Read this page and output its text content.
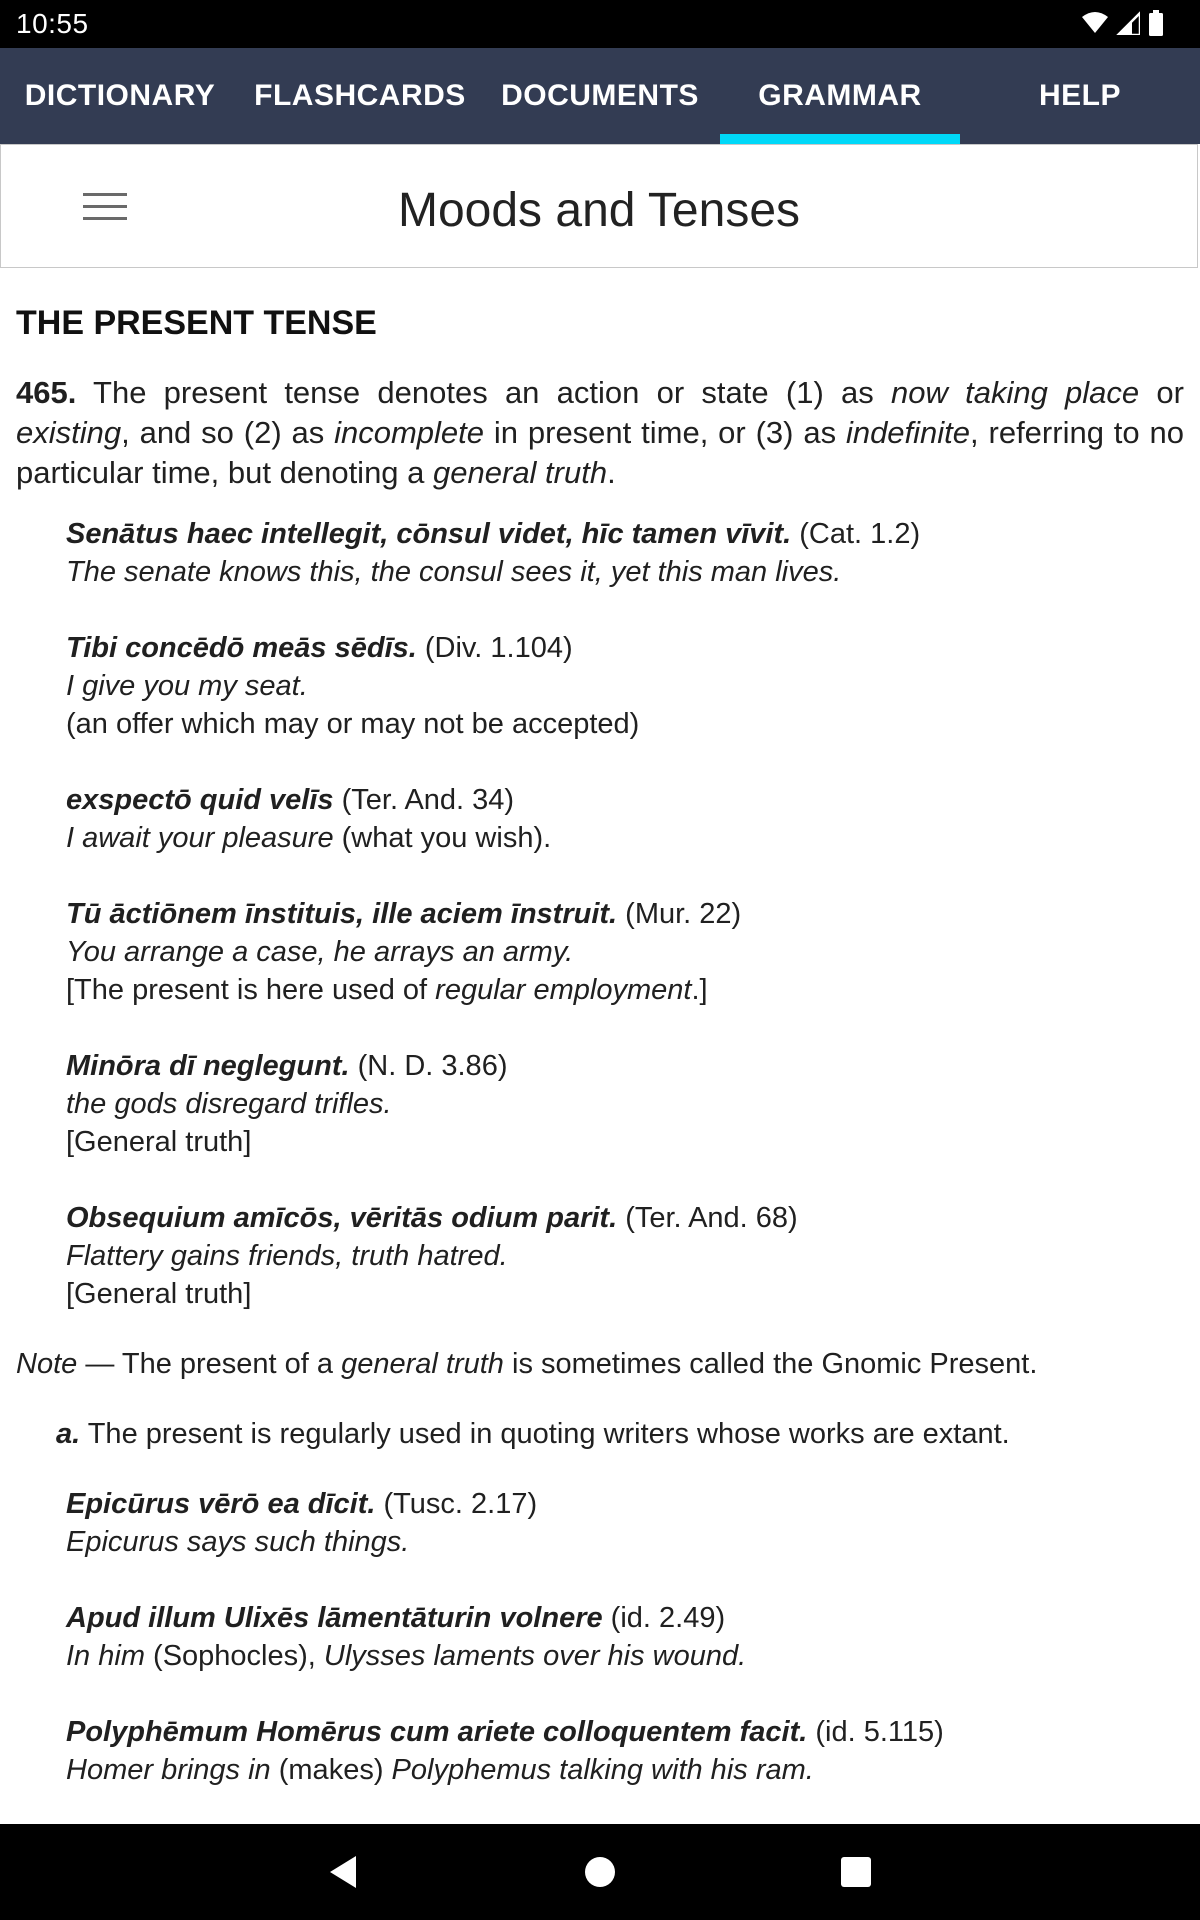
10:55
DICTIONARY	FLASHCARDS	DOCUMENTS	GRAMMAR	HELP
Moods and Tenses
THE PRESENT TENSE

465. The present tense denotes an action or state (1) as now taking place or existing, and so (2) as incomplete in present time, or (3) as indefinite, referring to no particular time, but denoting a general truth.

Senātus haec intellegit, cōnsul videt, hīc tamen vīvit. (Cat. 1.2)
The senate knows this, the consul sees it, yet this man lives.
Tibi concēdō meās sēdīs. (Div. 1.104)
I give you my seat.
(an offer which may or may not be accepted)
exspectō quid velīs (Ter. And. 34)
I await your pleasure (what you wish).
Tū āctiōnem īnstituis, ille aciem īnstruit. (Mur. 22)
You arrange a case, he arrays an army.
[The present is here used of regular employment.]
Minōra dī neglegunt. (N. D. 3.86)
the gods disregard trifles.
[General truth]
Obsequium amīcōs, vēritās odium parit. (Ter. And. 68)
Flattery gains friends, truth hatred.
[General truth]
Note — The present of a general truth is sometimes called the Gnomic Present.
a. The present is regularly used in quoting writers whose works are extant.
Epicūrus vērō ea dīcit. (Tusc. 2.17)
Epicurus says such things.
Apud illum Ulixēs lāmentāturin volnere (id. 2.49)
In him (Sophocles), Ulysses laments over his wound.
Polyphēmum Homērus cum ariete colloquentem facit. (id. 5.115)
Homer brings in (makes) Polyphemus talking with his ram.
